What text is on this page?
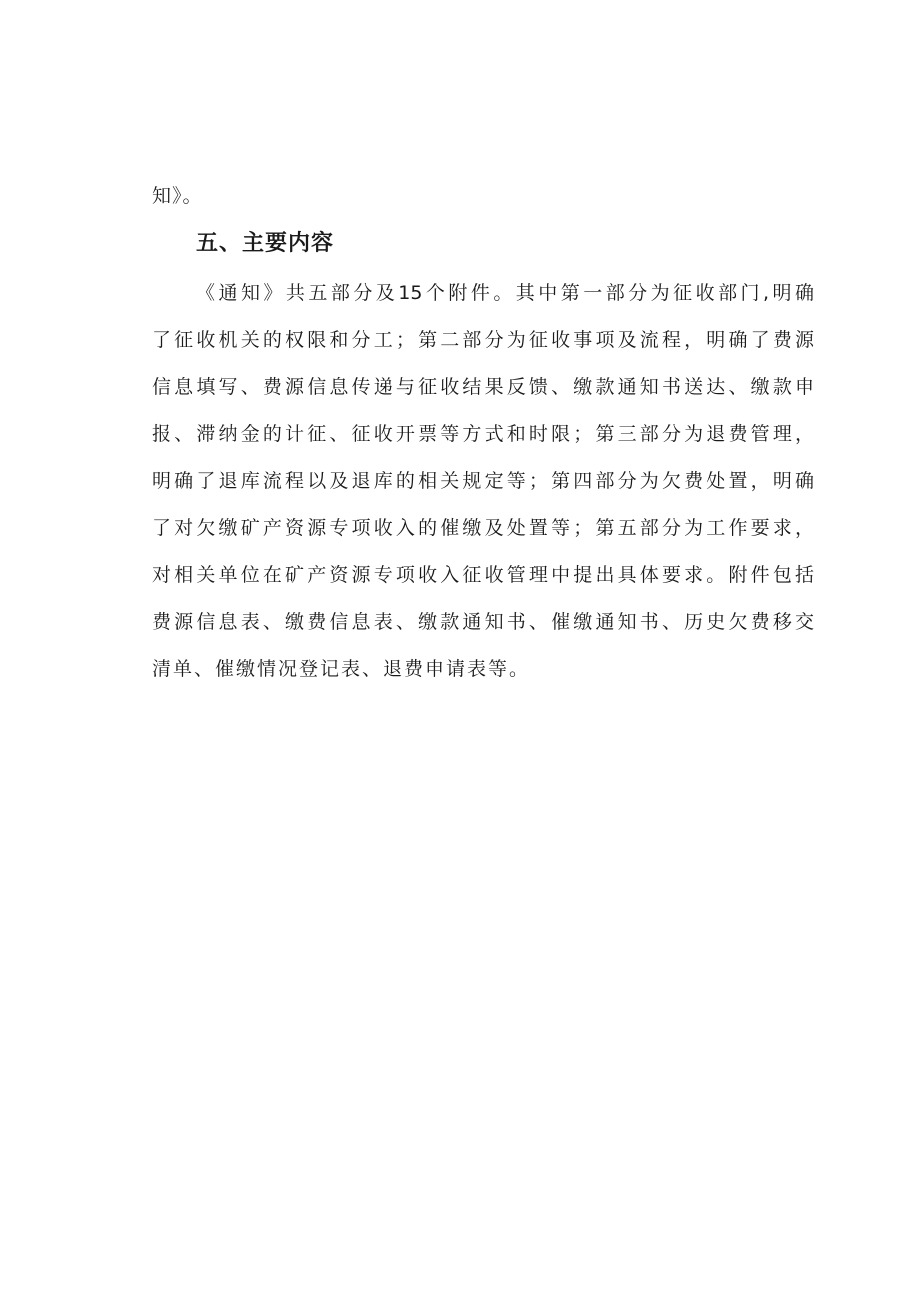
知》。
五、主要内容
《通知》共五部分及15个附件。其中第一部分为征收部门,明确
了征收机关的权限和分工；第二部分为征收事项及流程，明确了费源
信息填写、费源信息传递与征收结果反馈、缴款通知书送达、缴款申
报、滞纳金的计征、征收开票等方式和时限；第三部分为退费管理，
明确了退库流程以及退库的相关规定等；第四部分为欠费处置，明确
了对欠缴矿产资源专项收入的催缴及处置等；第五部分为工作要求，
对相关单位在矿产资源专项收入征收管理中提出具体要求。附件包括
费源信息表、缴费信息表、缴款通知书、催缴通知书、历史欠费移交
清单、催缴情况登记表、退费申请表等。
